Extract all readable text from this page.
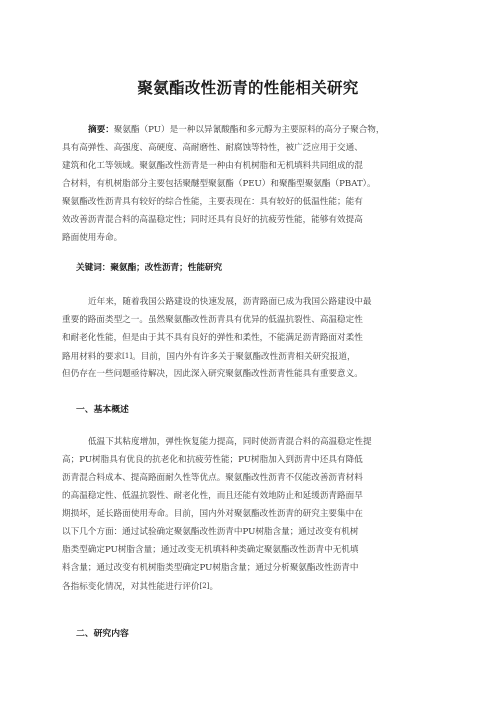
聚氨酯改性沥青的性能相关研究
摘要：聚氨酯（PU）是一种以异氰酸酯和多元醇为主要原料的高分子聚合物，
具有高弹性、高强度、高硬度、高耐磨性、耐腐蚀等特性，被广泛应用于交通、
建筑和化工等领域。聚氨酯改性沥青是一种由有机树脂和无机填料共同组成的混
合材料，有机树脂部分主要包括聚醚型聚氨酯（PEU）和聚酯型聚氨酯（PBAT）。
聚氨酯改性沥青具有较好的综合性能，主要表现在：具有较好的低温性能；能有
效改善沥青混合料的高温稳定性；同时还具有良好的抗疲劳性能，能够有效提高
路面使用寿命。
关键词：聚氨酯；改性沥青；性能研究
近年来，随着我国公路建设的快速发展，沥青路面已成为我国公路建设中最
重要的路面类型之一。虽然聚氨酯改性沥青具有优异的低温抗裂性、高温稳定性
和耐老化性能，但是由于其不具有良好的弹性和柔性，不能满足沥青路面对柔性
路用材料的要求[1]。目前，国内外有许多关于聚氨酯改性沥青相关研究报道，
但仍存在一些问题亟待解决，因此深入研究聚氨酯改性沥青性能具有重要意义。
一、基本概述
低温下其粘度增加，弹性恢复能力提高，同时使沥青混合料的高温稳定性提
高；PU树脂具有优良的抗老化和抗疲劳性能；PU树脂加入到沥青中还具有降低
沥青混合料成本、提高路面耐久性等优点。聚氨酯改性沥青不仅能改善沥青材料
的高温稳定性、低温抗裂性、耐老化性，而且还能有效地防止和延缓沥青路面早
期损坏，延长路面使用寿命。目前，国内外对聚氨酯改性沥青的研究主要集中在
以下几个方面：通过试验确定聚氨酯改性沥青中PU树脂含量；通过改变有机树
脂类型确定PU树脂含量；通过改变无机填料种类确定聚氨酯改性沥青中无机填
料含量；通过改变有机树脂类型确定PU树脂含量；通过分析聚氨酯改性沥青中
各指标变化情况，对其性能进行评价[2]。
二、研究内容
